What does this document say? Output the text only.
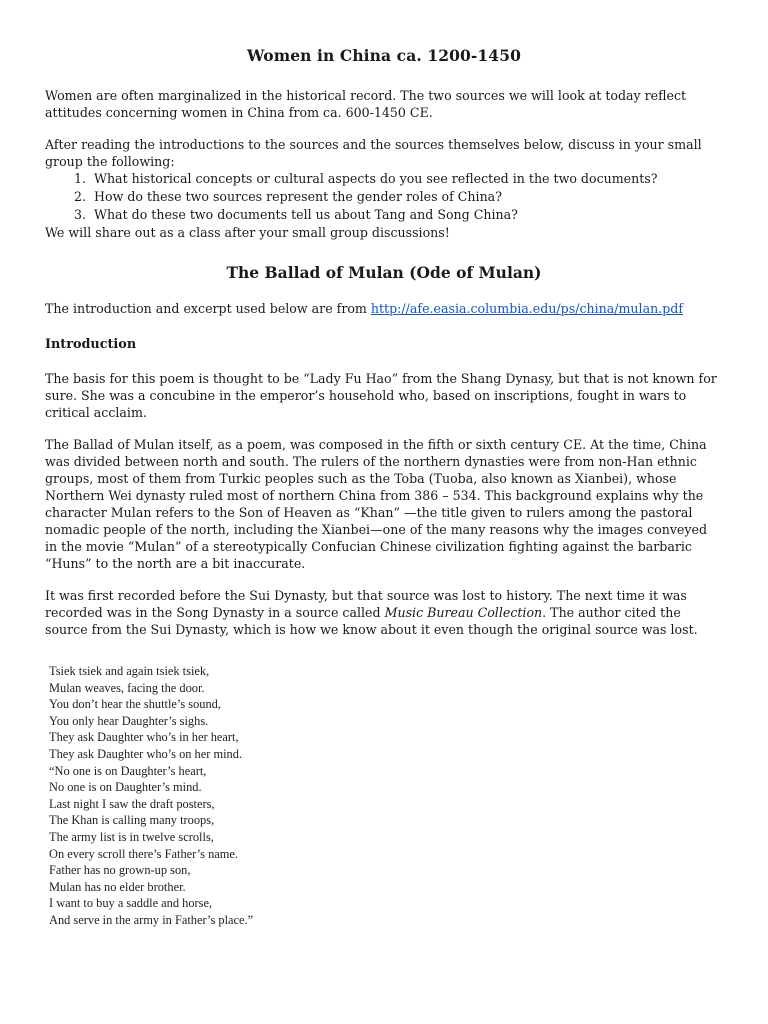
Women in China ca. 1200-1450

Women are often marginalized in the historical record. The two sources we will look at today reflect attitudes concerning women in China from ca. 600-1450 CE.

After reading the introductions to the sources and the sources themselves below, discuss in your small group the following:

1. What historical concepts or cultural aspects do you see reflected in the two documents?
2. How do these two sources represent the gender roles of China?
3. What do these two documents tell us about Tang and Song China?

We will share out as a class after your small group discussions!

The Ballad of Mulan (Ode of Mulan)

The introduction and excerpt used below are from http://afe.easia.columbia.edu/ps/china/mulan.pdf

Introduction

The basis for this poem is thought to be “Lady Fu Hao” from the Shang Dynasy, but that is not known for sure. She was a concubine in the emperor’s household who, based on inscriptions, fought in wars to critical acclaim.

The Ballad of Mulan itself, as a poem, was composed in the fifth or sixth century CE. At the time, China was divided between north and south. The rulers of the northern dynasties were from non-Han ethnic groups, most of them from Turkic peoples such as the Toba (Tuoba, also known as Xianbei), whose Northern Wei dynasty ruled most of northern China from 386 – 534. This background explains why the character Mulan refers to the Son of Heaven as “Khan” —the title given to rulers among the pastoral nomadic people of the north, including the Xianbei—one of the many reasons why the images conveyed in the movie “Mulan” of a stereotypically Confucian Chinese civilization fighting against the barbaric “Huns” to the north are a bit inaccurate.

It was first recorded before the Sui Dynasty, but that source was lost to history. The next time it was recorded was in the Song Dynasty in a source called Music Bureau Collection. The author cited the source from the Sui Dynasty, which is how we know about it even though the original source was lost.

Tsiek tsiek and again tsiek tsiek,
Mulan weaves, facing the door.
You don’t hear the shuttle’s sound,
You only hear Daughter’s sighs.
They ask Daughter who’s in her heart,
They ask Daughter who’s on her mind.
“No one is on Daughter’s heart,
No one is on Daughter’s mind.
Last night I saw the draft posters,
The Khan is calling many troops,
The army list is in twelve scrolls,
On every scroll there’s Father’s name.
Father has no grown-up son,
Mulan has no elder brother.
I want to buy a saddle and horse,
And serve in the army in Father’s place.”
